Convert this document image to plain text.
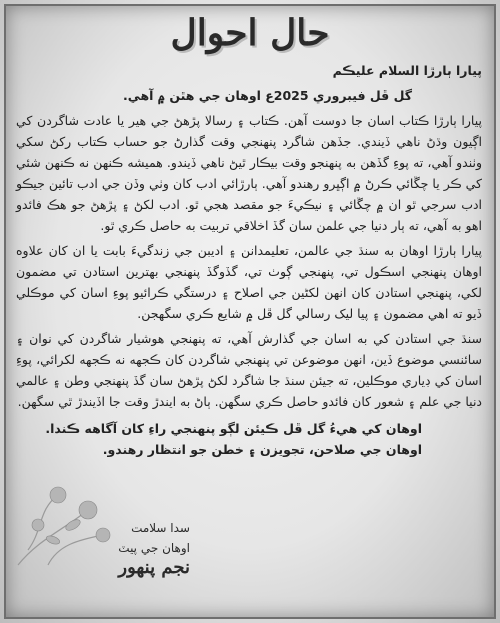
حال احوال

پيارا ٻارڙا السلام عليڪم

گل ڦل فيبروري 2025ع اوهان جي هٿن ۾ آهي.

پيارا ٻارڙا ڪتاب اسان جا دوست آهن. ڪتاب ۽ رسالا پڙهڻ جي هير يا عادت شاگردن کي اڳيون وڌڻ ناهي ڏيندي. جڏهن شاگرد پنهنجي وقت گذارڻ جو حساب ڪتاب رکڻ سکي وٺندو آهي، ته پوءِ گڏهن به پنهنجو وقت بيڪار ٿيڻ ناهي ڏيندو. هميشه ڪنهن نه ڪنهن شئي کي ڪر يا چڱائي ڪرڻ ۾ اڳڀرو رهندو آهي. ٻارڙائي ادب کان وٺي وڏن جي ادب تائين جيڪو ادب سرجي ٿو ان ۾ چڱائي ۽ نيڪيءَ جو مقصد هجي ٿو. ادب لکڻ ۽ پڙهڻ جو هڪ فائدو اهو به آهي، ته ٻار دنيا جي علمن سان گڏ اخلاقي تربيت به حاصل ڪري ٿو.

پيارا ٻارڙا اوهان به سنڌ جي عالمن، تعليمدانن ۽ اديبن جي زندگيءَ بابت يا ان کان علاوه اوهان پنهنجي اسڪول تي، پنهنجي ڳوٺ تي، گڏوگڏ پنهنجي بهترين استادن تي مضمون لکي، پنهنجي استادن کان انهن لکڻين جي اصلاح ۽ درستگي ڪرائيو پوءِ اسان کي موڪلي ڏيو ته اهي مضمون ۽ پيا ليک رسالي گل ڦل ۾ شايع ڪري سگهجن.

سنڌ جي استادن کي به اسان جي گذارش آهي، ته پنهنجي هوشيار شاگردن کي نوان ۽ سائنسي موضوع ڏين، انهن موضوعن تي پنهنجي شاگردن کان ڪجهه نه ڪجهه لکرائي، پوءِ اسان کي ڊياري موڪلين، ته جيئن سنڌ جا شاگرد لکڻ پڙهڻ سان گڏ پنهنجي وطن ۽ عالمي دنيا جي علم ۽ شعور کان فائدو حاصل ڪري سگهن. ٻاڻ به ايندڙ وقت جا اڏيندڙ ٿي سگهن.

اوهان کي هيءُ گل ڦل ڪيئن لڳو پنهنجي راءِ کان آگاهه ڪندا.
اوهان جي صلاحن، تجويزن ۽ خطن جو انتظار رهندو.
سدا سلامت
اوهان جي پيٽ
نجم پنهور
